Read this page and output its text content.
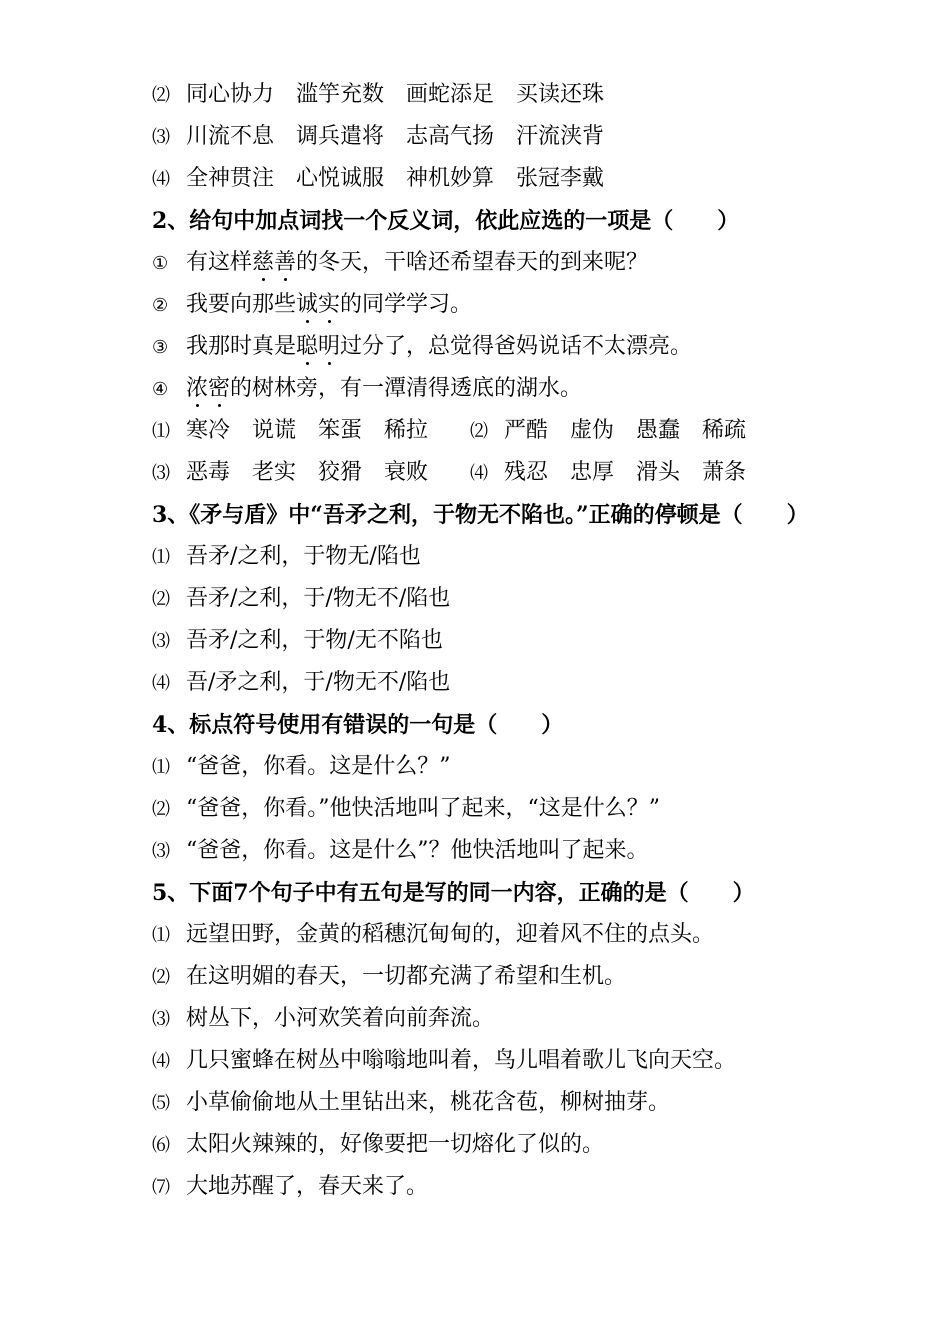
⑵ 同心协力 滥竽充数 画蛇添足 买读还珠
⑶ 川流不息 调兵遣将 志高气扬 汗流浃背
⑷ 全神贯注 心悦诚服 神机妙算 张冠李戴
2、给句中加点词找一个反义词，依此应选的一项是（　　）
① 有这样慈善的冬天，干啥还希望春天的到来呢？
② 我要向那些诚实的同学学习。
③ 我那时真是聪明过分了，总觉得爸妈说话不太漂亮。
④ 浓密的树林旁，有一潭清得透底的湖水。
⑴ 寒冷 说谎 笨蛋 稀拉 ⑵ 严酷 虚伪 愚蠢 稀疏
⑶ 恶毒 老实 狡猾 衰败 ⑷ 残忍 忠厚 滑头 萧条
3、《矛与盾》中“吾矛之利，于物无不陷也。”正确的停顿是（　　）
⑴ 吾矛/之利，于物无/陷也
⑵ 吾矛/之利，于/物无不/陷也
⑶ 吾矛/之利，于物/无不陷也
⑷ 吾/矛之利，于/物无不/陷也
4、标点符号使用有错误的一句是（　　）
⑴ “爸爸，你看。这是什么？”
⑵ “爸爸，你看。”他快活地叫了起来，“这是什么？”
⑶ “爸爸，你看。这是什么”？他快活地叫了起来。
5、下面7个句子中有五句是写的同一内容，正确的是（　　）
⑴ 远望田野，金黄的稻穗沉甸甸的，迎着风不住的点头。
⑵ 在这明媚的春天，一切都充满了希望和生机。
⑶ 树丛下，小河欢笑着向前奔流。
⑷ 几只蜜蜂在树丛中嗡嗡地叫着，鸟儿唱着歌儿飞向天空。
⑸ 小草偷偷地从土里钻出来，桃花含苞，柳树抽芽。
⑹ 太阳火辣辣的，好像要把一切熔化了似的。
⑺ 大地苏醒了，春天来了。
